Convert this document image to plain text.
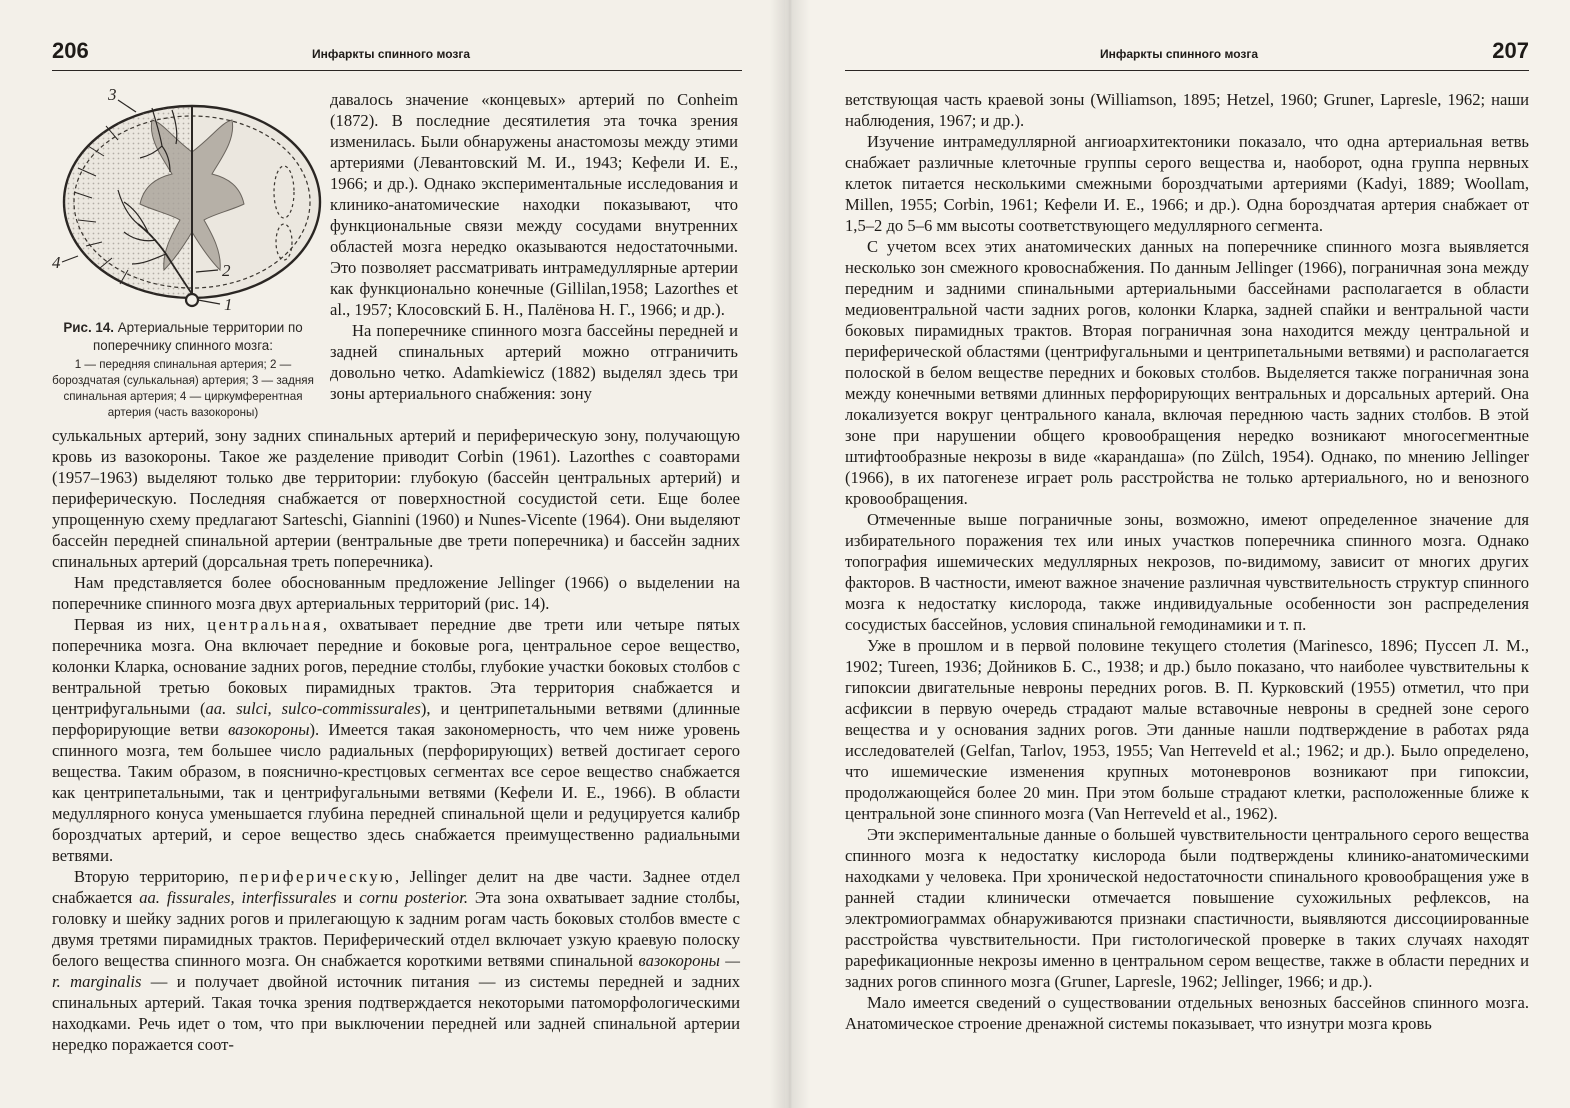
206	Инфаркты спинного мозга
1
2
3
4
Рис. 14. Артериальные территории по поперечнику спинного мозга:
1 — передняя спинальная артерия; 2 — бороздчатая (сулькальная) артерия; 3 — задняя спинальная артерия; 4 — циркумферентная артерия (часть вазокороны)

давалось значение «концевых» артерий по Conheim (1872). В последние десятилетия эта точка зрения изменилась. Были обнаружены анастомозы между этими артериями (Левантовский М. И., 1943; Кефели И. Е., 1966; и др.). Однако экспериментальные исследования и клинико-анатомические находки показывают, что функциональные связи между сосудами внутренних областей мозга нередко оказываются недостаточными. Это позволяет рассматривать интрамедуллярные артерии как функционально конечные (Gillilan,1958; Lazorthes et al., 1957; Клосовский Б. Н., Палёнова Н. Г., 1966; и др.).

На поперечнике спинного мозга бассейны передней и задней спинальных артерий можно отграничить довольно четко. Adamkiewicz (1882) выделял здесь три зоны артериального снабжения: зону

сулькальных артерий, зону задних спинальных артерий и периферическую зону, получающую кровь из вазокороны. Такое же разделение приводит Corbin (1961). Lazorthes с соавторами (1957–1963) выделяют только две территории: глубокую (бассейн центральных артерий) и периферическую. Последняя снабжается от поверхностной сосудистой сети. Еще более упрощенную схему предлагают Sarteschi, Giannini (1960) и Nunes-Vicente (1964). Они выделяют бассейн передней спинальной артерии (вентральные две трети поперечника) и бассейн задних спинальных артерий (дорсальная треть поперечника).

Нам представляется более обоснованным предложение Jellinger (1966) о выделении на поперечнике спинного мозга двух артериальных территорий (рис. 14).

Первая из них, центральная, охватывает передние две трети или четыре пятых поперечника мозга. Она включает передние и боковые рога, центральное серое вещество, колонки Кларка, основание задних рогов, передние столбы, глубокие участки боковых столбов с вентральной третью боковых пирамидных трактов. Эта территория снабжается и центрифугальными (aa. sulci, sulco-commissurales), и центрипетальными ветвями (длинные перфорирующие ветви вазокороны). Имеется такая закономерность, что чем ниже уровень спинного мозга, тем большее число радиальных (перфорирующих) ветвей достигает серого вещества. Таким образом, в пояснично-крестцовых сегментах все серое вещество снабжается как центрипетальными, так и центрифугальными ветвями (Кефели И. Е., 1966). В области медуллярного конуса уменьшается глубина передней спинальной щели и редуцируется калибр бороздчатых артерий, и серое вещество здесь снабжается преимущественно радиальными ветвями.

Вторую территорию, периферическую, Jellinger делит на две части. Заднее отдел снабжается aa. fissurales, interfissurales и cornu posterior. Эта зона охватывает задние столбы, головку и шейку задних рогов и прилегающую к задним рогам часть боковых столбов вместе с двумя третями пирамидных трактов. Периферический отдел включает узкую краевую полоску белого вещества спинного мозга. Он снабжается короткими ветвями спинальной вазокороны — r. marginalis — и получает двойной источник питания — из системы передней и задних спинальных артерий. Такая точка зрения подтверждается некоторыми патоморфологическими находками. Речь идет о том, что при выключении передней или задней спинальной артерии нередко поражается соот-

Инфаркты спинного мозга	207

ветствующая часть краевой зоны (Williamson, 1895; Hetzel, 1960; Gruner, Lapresle, 1962; наши наблюдения, 1967; и др.).

Изучение интрамедуллярной ангиоархитектоники показало, что одна артериальная ветвь снабжает различные клеточные группы серого вещества и, наоборот, одна группа нервных клеток питается несколькими смежными бороздчатыми артериями (Kadyi, 1889; Woollam, Millen, 1955; Corbin, 1961; Кефели И. Е., 1966; и др.). Одна бороздчатая артерия снабжает от 1,5–2 до 5–6 мм высоты соответствующего медуллярного сегмента.

С учетом всех этих анатомических данных на поперечнике спинного мозга выявляется несколько зон смежного кровоснабжения. По данным Jellinger (1966), пограничная зона между передним и задними спинальными артериальными бассейнами располагается в области медиовентральной части задних рогов, колонки Кларка, задней спайки и вентральной части боковых пирамидных трактов. Вторая пограничная зона находится между центральной и периферической областями (центрифугальными и центрипетальными ветвями) и располагается полоской в белом веществе передних и боковых столбов. Выделяется также пограничная зона между конечными ветвями длинных перфорирующих вентральных и дорсальных артерий. Она локализуется вокруг центрального канала, включая переднюю часть задних столбов. В этой зоне при нарушении общего кровообращения нередко возникают многосегментные штифтообразные некрозы в виде «карандаша» (по Zülch, 1954). Однако, по мнению Jellinger (1966), в их патогенезе играет роль расстройства не только артериального, но и венозного кровообращения.

Отмеченные выше пограничные зоны, возможно, имеют определенное значение для избирательного поражения тех или иных участков поперечника спинного мозга. Однако топография ишемических медуллярных некрозов, по-видимому, зависит от многих других факторов. В частности, имеют важное значение различная чувствительность структур спинного мозга к недостатку кислорода, также индивидуальные особенности зон распределения сосудистых бассейнов, условия спинальной гемодинамики и т. п.

Уже в прошлом и в первой половине текущего столетия (Marinesco, 1896; Пуссеп Л. М., 1902; Tureen, 1936; Дойников Б. С., 1938; и др.) было показано, что наиболее чувствительны к гипоксии двигательные невроны передних рогов. В. П. Курковский (1955) отметил, что при асфиксии в первую очередь страдают малые вставочные невроны в средней зоне серого вещества и у основания задних рогов. Эти данные нашли подтверждение в работах ряда исследователей (Gelfan, Tarlov, 1953, 1955; Van Herreveld et al.; 1962; и др.). Было определено, что ишемические изменения крупных мотоневронов возникают при гипоксии, продолжающейся более 20 мин. При этом больше страдают клетки, расположенные ближе к центральной зоне спинного мозга (Van Herreveld et al., 1962).

Эти экспериментальные данные о большей чувствительности центрального серого вещества спинного мозга к недостатку кислорода были подтверждены клинико-анатомическими находками у человека. При хронической недостаточности спинального кровообращения уже в ранней стадии клинически отмечается повышение сухожильных рефлексов, на электромиограммах обнаруживаются признаки спастичности, выявляются диссоциированные расстройства чувствительности. При гистологической проверке в таких случаях находят рарефикационные некрозы именно в центральном сером веществе, также в области передних и задних рогов спинного мозга (Gruner, Lapresle, 1962; Jellinger, 1966; и др.).

Мало имеется сведений о существовании отдельных венозных бассейнов спинного мозга. Анатомическое строение дренажной системы показывает, что изнутри мозга кровь
